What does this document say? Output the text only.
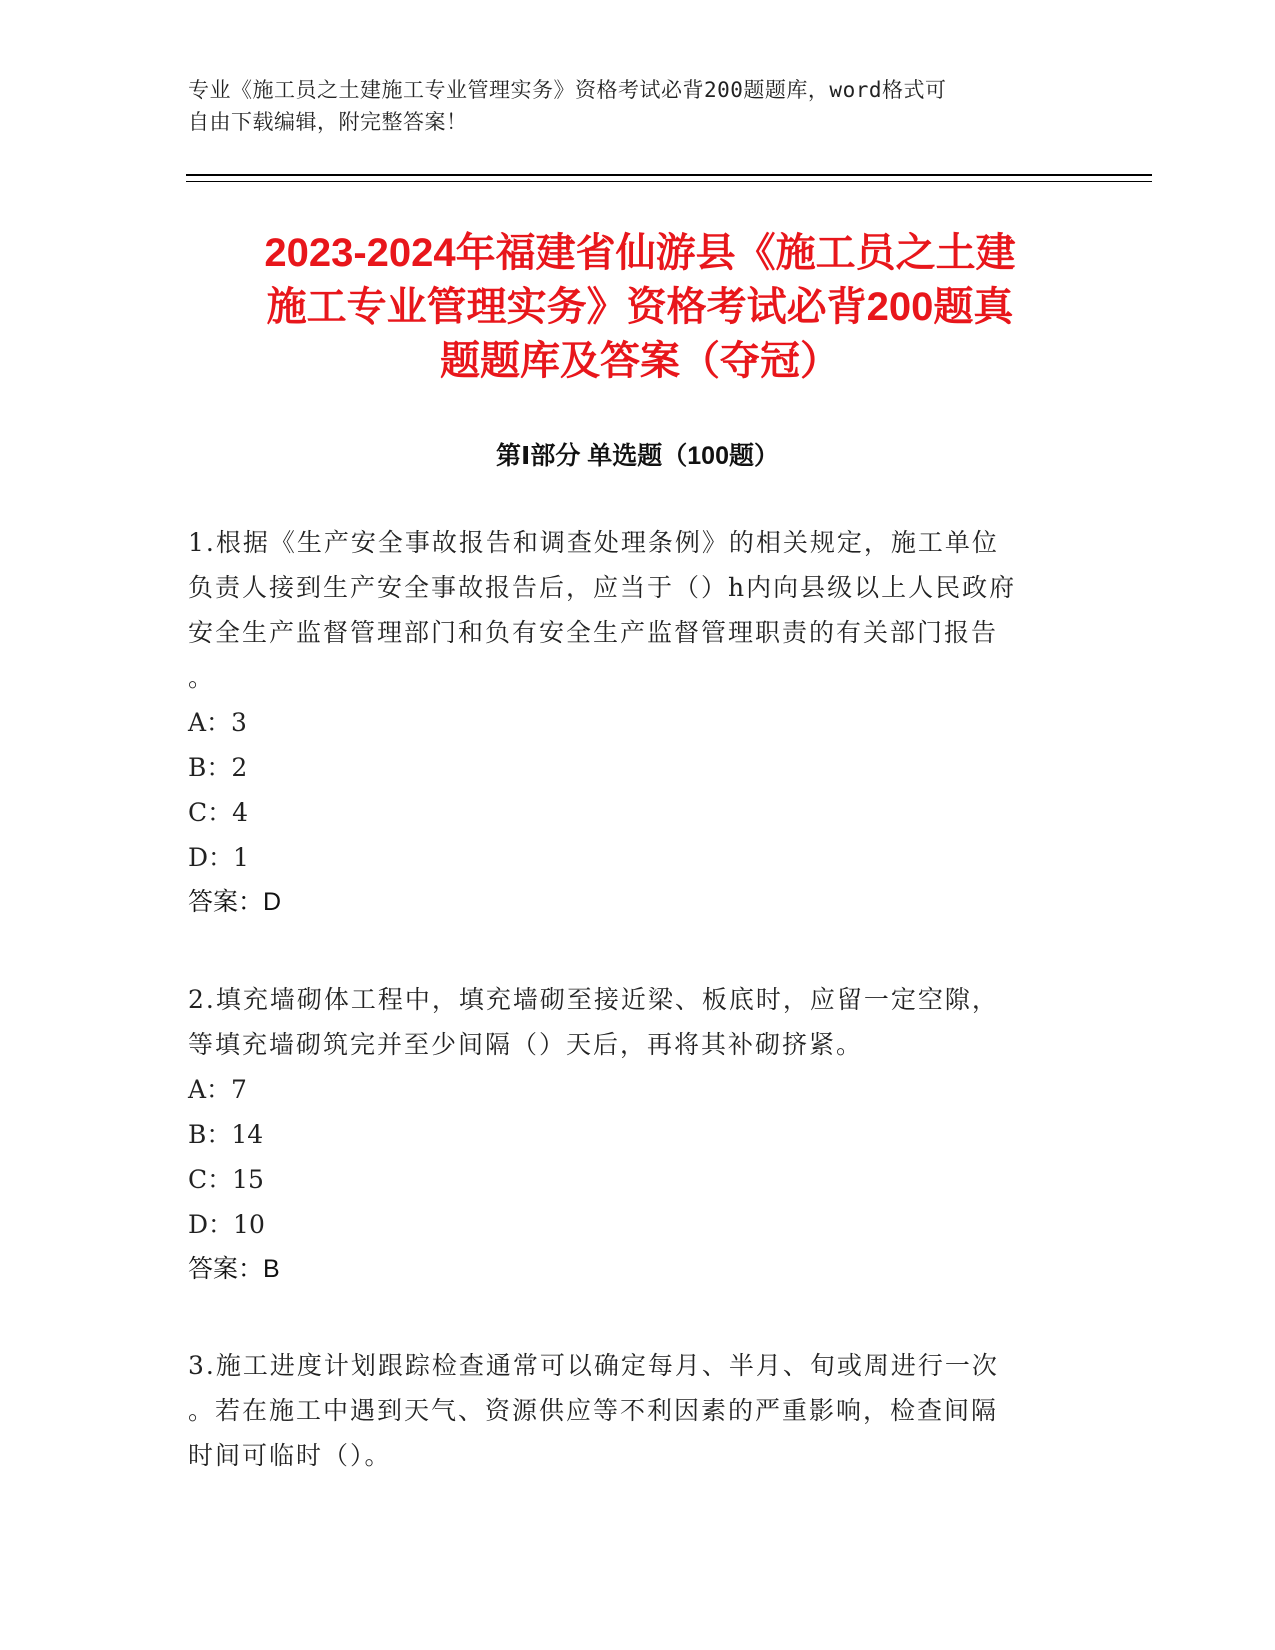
专业《施工员之土建施工专业管理实务》资格考试必背200题题库，word格式可
自由下载编辑，附完整答案！
2023-2024年福建省仙游县《施工员之土建
施工专业管理实务》资格考试必背200题真
题题库及答案（夺冠）
第Ⅰ部分 单选题（100题）
1.根据《生产安全事故报告和调查处理条例》的相关规定，施工单位
负责人接到生产安全事故报告后，应当于（）h内向县级以上人民政府
安全生产监督管理部门和负有安全生产监督管理职责的有关部门报告
。
A：3
B：2
C：4
D：1
答案：D
2.填充墙砌体工程中，填充墙砌至接近梁、板底时，应留一定空隙，
等填充墙砌筑完并至少间隔（）天后，再将其补砌挤紧。
A：7
B：14
C：15
D：10
答案：B
3.施工进度计划跟踪检查通常可以确定每月、半月、旬或周进行一次
。若在施工中遇到天气、资源供应等不利因素的严重影响，检查间隔
时间可临时（）。
